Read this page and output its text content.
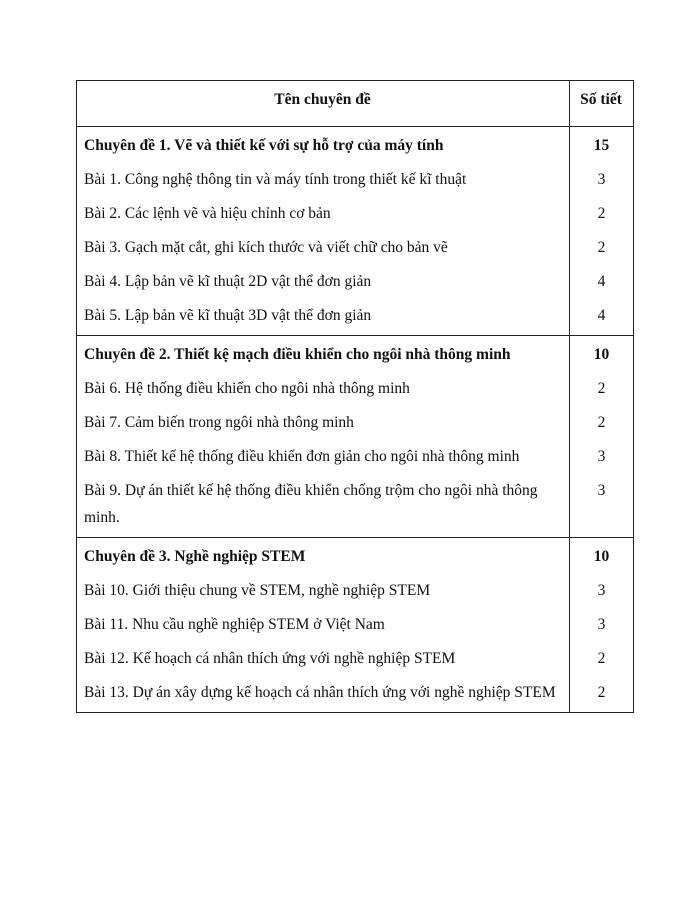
Tên chuyên đề	Số tiết
Chuyên đề 1. Vẽ và thiết kế với sự hỗ trợ của máy tính	15
Bài 1. Công nghệ thông tin và máy tính trong thiết kế kĩ thuật	3
Bài 2. Các lệnh vẽ và hiệu chỉnh cơ bản	2
Bài 3. Gạch mặt cắt, ghi kích thước và viết chữ cho bản vẽ	2
Bài 4. Lập bản vẽ kĩ thuật 2D vật thể đơn giản	4
Bài 5. Lập bản vẽ kĩ thuật 3D vật thể đơn giản	4
Chuyên đề 2. Thiết kệ mạch điều khiển cho ngôi nhà thông minh	10
Bài 6. Hệ thống điều khiển cho ngôi nhà thông minh	2
Bài 7. Cảm biến trong ngôi nhà thông minh	2
Bài 8. Thiết kế hệ thống điều khiển đơn giản cho ngôi nhà thông minh	3
Bài 9. Dự án thiết kế hệ thống điều khiển chống trộm cho ngôi nhà thông minh.	3
Chuyên đề 3. Nghề nghiệp STEM	10
Bài 10. Giới thiệu chung về STEM, nghề nghiệp STEM	3
Bài 11. Nhu cầu nghề nghiệp STEM ở Việt Nam	3
Bài 12. Kế hoạch cá nhân thích ứng với nghề nghiệp STEM	2
Bài 13. Dự án xây dựng kế hoạch cá nhân thích ứng với nghề nghiệp STEM	2
